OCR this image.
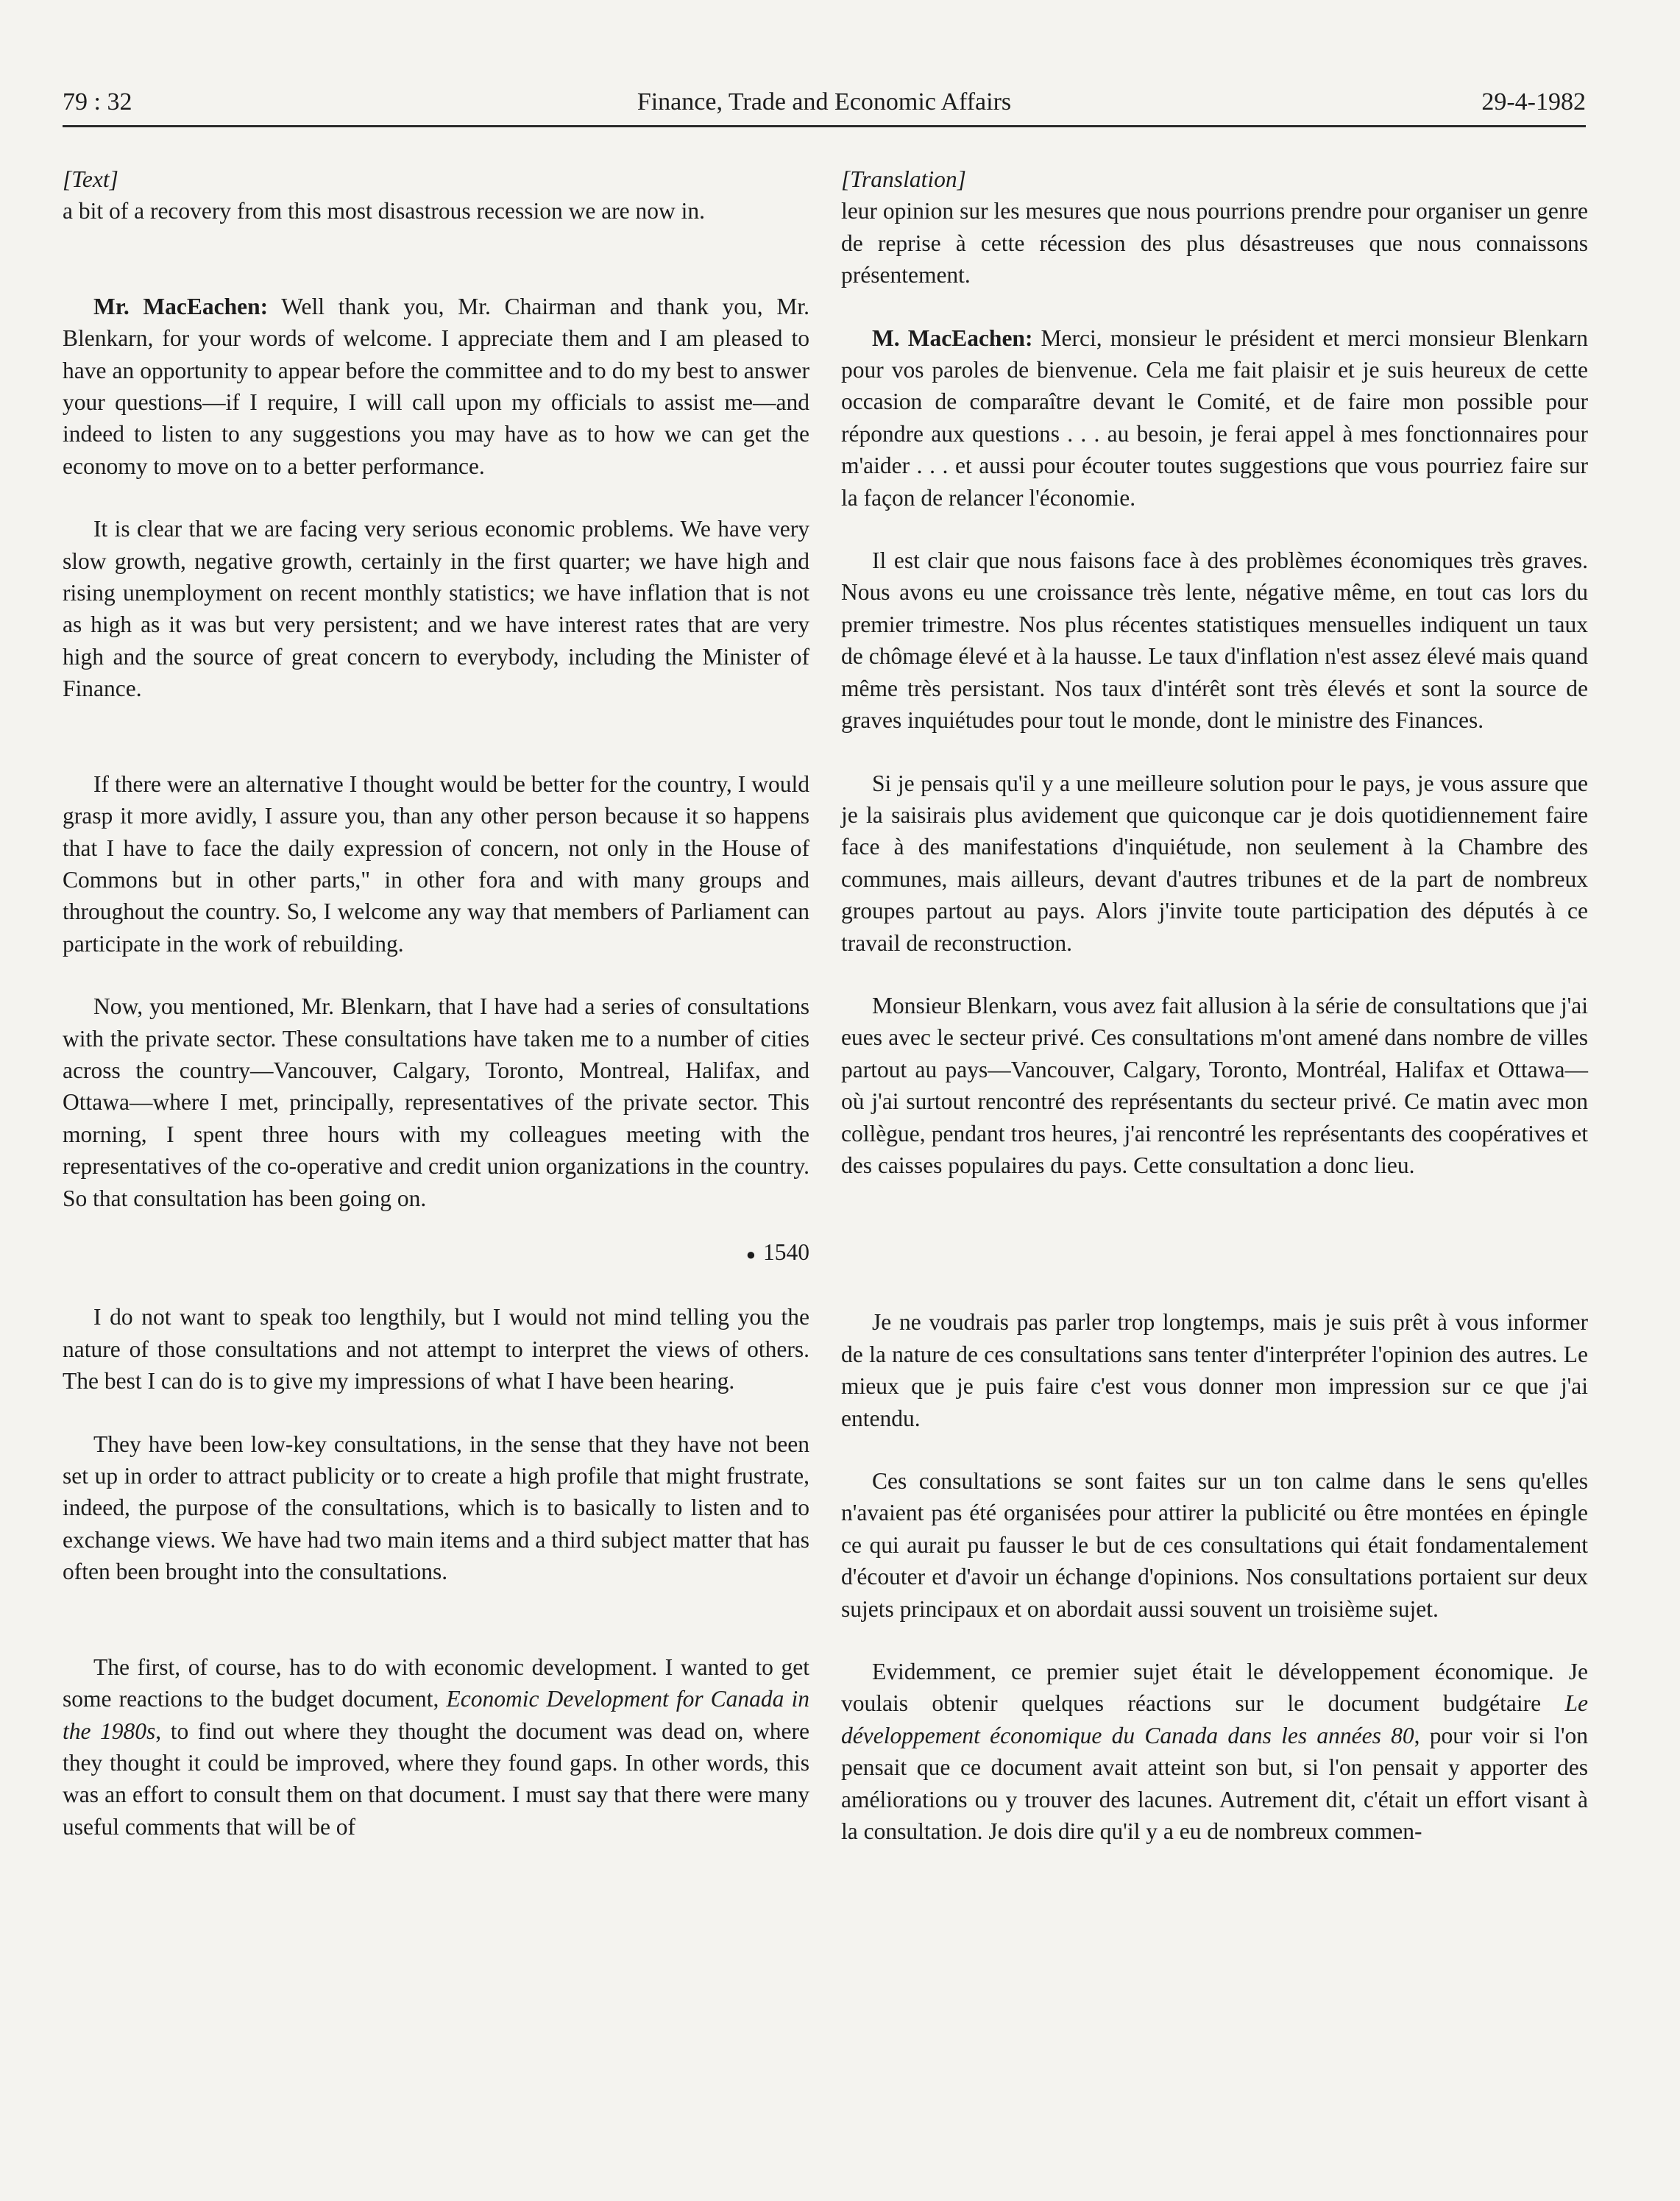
79 : 32	Finance, Trade and Economic Affairs	29-4-1982

[Text]

a bit of a recovery from this most disastrous recession we are now in.

Mr. MacEachen: Well thank you, Mr. Chairman and thank you, Mr. Blenkarn, for your words of welcome. I appreciate them and I am pleased to have an opportunity to appear before the committee and to do my best to answer your questions—if I require, I will call upon my officials to assist me—and indeed to listen to any suggestions you may have as to how we can get the economy to move on to a better performance.

It is clear that we are facing very serious economic problems. We have very slow growth, negative growth, certainly in the first quarter; we have high and rising unemployment on recent monthly statistics; we have inflation that is not as high as it was but very persistent; and we have interest rates that are very high and the source of great concern to everybody, including the Minister of Finance.

If there were an alternative I thought would be better for the country, I would grasp it more avidly, I assure you, than any other person because it so happens that I have to face the daily expression of concern, not only in the House of Commons but in other parts," in other fora and with many groups and throughout the country. So, I welcome any way that members of Parliament can participate in the work of rebuilding.

Now, you mentioned, Mr. Blenkarn, that I have had a series of consultations with the private sector. These consultations have taken me to a number of cities across the country—Vancouver, Calgary, Toronto, Montreal, Halifax, and Ottawa—where I met, principally, representatives of the private sector. This morning, I spent three hours with my colleagues meeting with the representatives of the co-operative and credit union organizations in the country. So that consultation has been going on.

● 1540

I do not want to speak too lengthily, but I would not mind telling you the nature of those consultations and not attempt to interpret the views of others. The best I can do is to give my impressions of what I have been hearing.

They have been low-key consultations, in the sense that they have not been set up in order to attract publicity or to create a high profile that might frustrate, indeed, the purpose of the consultations, which is to basically to listen and to exchange views. We have had two main items and a third subject matter that has often been brought into the consultations.

The first, of course, has to do with economic development. I wanted to get some reactions to the budget document, Economic Development for Canada in the 1980s, to find out where they thought the document was dead on, where they thought it could be improved, where they found gaps. In other words, this was an effort to consult them on that document. I must say that there were many useful comments that will be of

[Translation]

leur opinion sur les mesures que nous pourrions prendre pour organiser un genre de reprise à cette récession des plus désastreuses que nous connaissons présentement.

M. MacEachen: Merci, monsieur le président et merci monsieur Blenkarn pour vos paroles de bienvenue. Cela me fait plaisir et je suis heureux de cette occasion de comparaître devant le Comité, et de faire mon possible pour répondre aux questions . . . au besoin, je ferai appel à mes fonctionnaires pour m'aider . . . et aussi pour écouter toutes suggestions que vous pourriez faire sur la façon de relancer l'économie.

Il est clair que nous faisons face à des problèmes économiques très graves. Nous avons eu une croissance très lente, négative même, en tout cas lors du premier trimestre. Nos plus récentes statistiques mensuelles indiquent un taux de chômage élevé et à la hausse. Le taux d'inflation n'est assez élevé mais quand même très persistant. Nos taux d'intérêt sont très élevés et sont la source de graves inquiétudes pour tout le monde, dont le ministre des Finances.

Si je pensais qu'il y a une meilleure solution pour le pays, je vous assure que je la saisirais plus avidement que quiconque car je dois quotidiennement faire face à des manifestations d'inquiétude, non seulement à la Chambre des communes, mais ailleurs, devant d'autres tribunes et de la part de nombreux groupes partout au pays. Alors j'invite toute participation des députés à ce travail de reconstruction.

Monsieur Blenkarn, vous avez fait allusion à la série de consultations que j'ai eues avec le secteur privé. Ces consultations m'ont amené dans nombre de villes partout au pays—Vancouver, Calgary, Toronto, Montréal, Halifax et Ottawa—où j'ai surtout rencontré des représentants du secteur privé. Ce matin avec mon collègue, pendant tros heures, j'ai rencontré les représentants des coopératives et des caisses populaires du pays. Cette consultation a donc lieu.

Je ne voudrais pas parler trop longtemps, mais je suis prêt à vous informer de la nature de ces consultations sans tenter d'interpréter l'opinion des autres. Le mieux que je puis faire c'est vous donner mon impression sur ce que j'ai entendu.

Ces consultations se sont faites sur un ton calme dans le sens qu'elles n'avaient pas été organisées pour attirer la publicité ou être montées en épingle ce qui aurait pu fausser le but de ces consultations qui était fondamentalement d'écouter et d'avoir un échange d'opinions. Nos consultations portaient sur deux sujets principaux et on abordait aussi souvent un troisième sujet.

Evidemment, ce premier sujet était le développement économique. Je voulais obtenir quelques réactions sur le document budgétaire Le développement économique du Canada dans les années 80, pour voir si l'on pensait que ce document avait atteint son but, si l'on pensait y apporter des améliorations ou y trouver des lacunes. Autrement dit, c'était un effort visant à la consultation. Je dois dire qu'il y a eu de nombreux commen-
